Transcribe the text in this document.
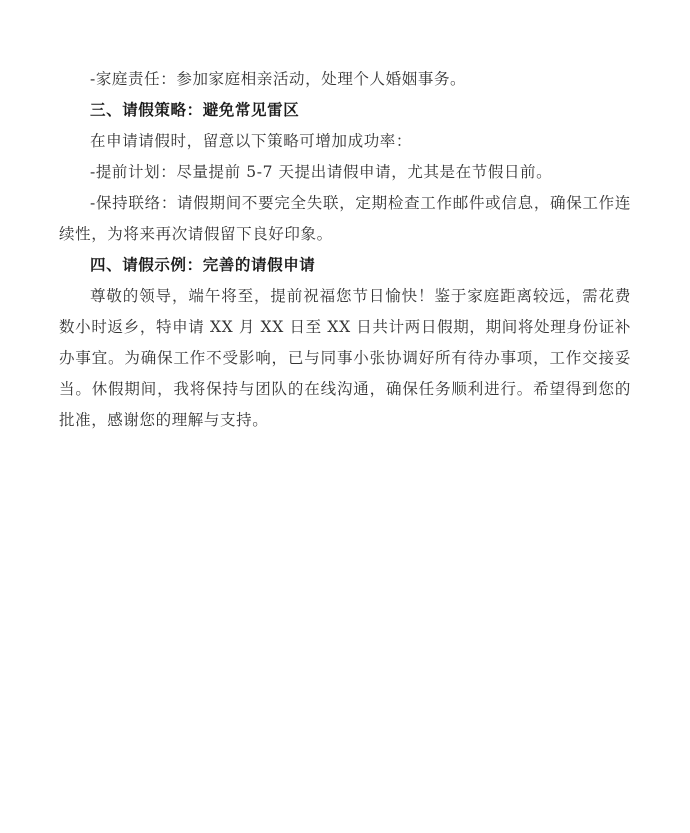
-家庭责任：参加家庭相亲活动，处理个人婚姻事务。
三、请假策略：避免常见雷区
在申请请假时，留意以下策略可增加成功率：
-提前计划：尽量提前 5-7 天提出请假申请，尤其是在节假日前。
-保持联络：请假期间不要完全失联，定期检查工作邮件或信息，确保工作连续性，为将来再次请假留下良好印象。
四、请假示例：完善的请假申请
尊敬的领导，端午将至，提前祝福您节日愉快！鉴于家庭距离较远，需花费数小时返乡，特申请 XX 月 XX 日至 XX 日共计两日假期，期间将处理身份证补办事宜。为确保工作不受影响，已与同事小张协调好所有待办事项，工作交接妥当。休假期间，我将保持与团队的在线沟通，确保任务顺利进行。希望得到您的批准，感谢您的理解与支持。
